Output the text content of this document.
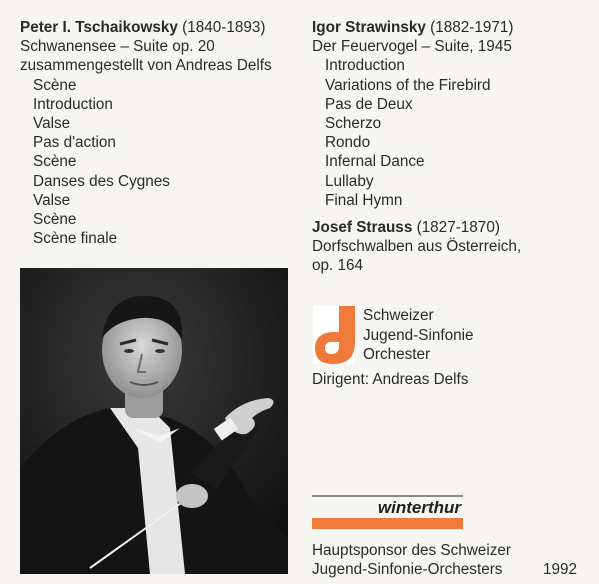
Peter I. Tschaikowsky (1840-1893)
Schwanensee – Suite op. 20
zusammengestellt von Andreas Delfs
Scène
Introduction
Valse
Pas d'action
Scène
Danses des Cygnes
Valse
Scène
Scène finale
Igor Strawinsky (1882-1971)
Der Feuervogel – Suite, 1945
Introduction
Variations of the Firebird
Pas de Deux
Scherzo
Rondo
Infernal Dance
Lullaby
Final Hymn
Josef Strauss (1827-1870)
Dorfschwalben aus Österreich,
op. 164
Schweizer
Jugend-Sinfonie
Orchester
Dirigent: Andreas Delfs
winterthur
Hauptsponsor des Schweizer
Jugend-Sinfonie-Orchesters	1992
